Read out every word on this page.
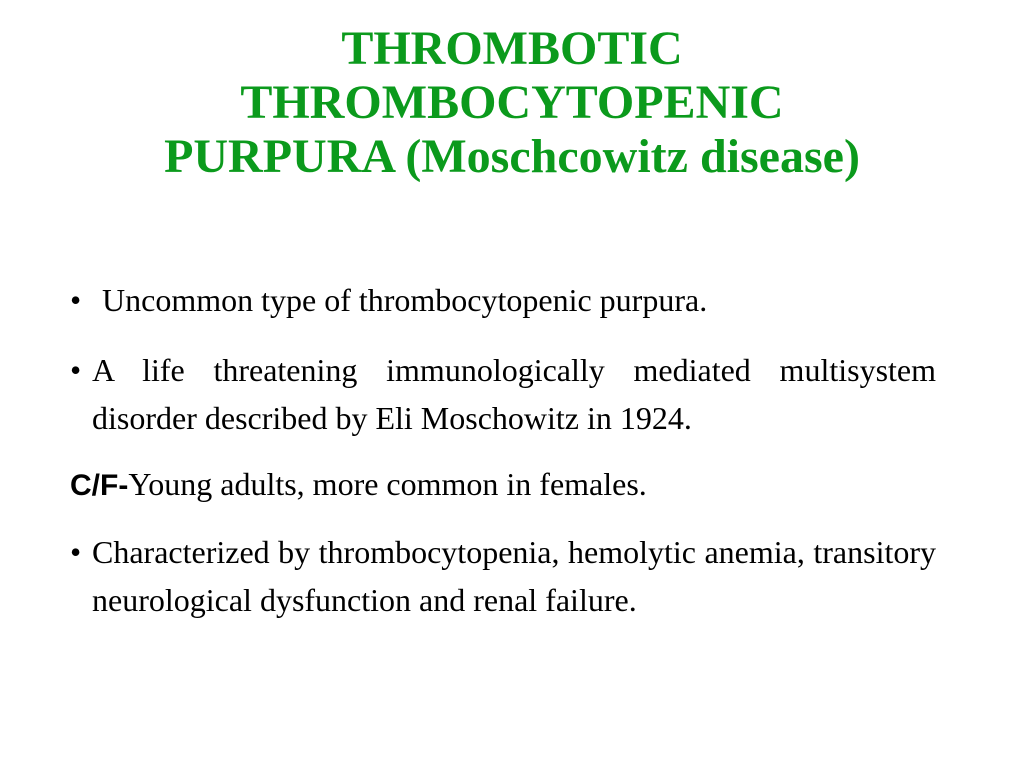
THROMBOTIC
THROMBOCYTOPENIC
PURPURA (Moschcowitz disease)
• Uncommon type of thrombocytopenic purpura.
• A life threatening immunologically mediated multisystem disorder described by Eli Moschowitz in 1924.
C/F-Young adults, more common in females.
• Characterized by thrombocytopenia, hemolytic anemia, transitory neurological dysfunction and renal failure.
